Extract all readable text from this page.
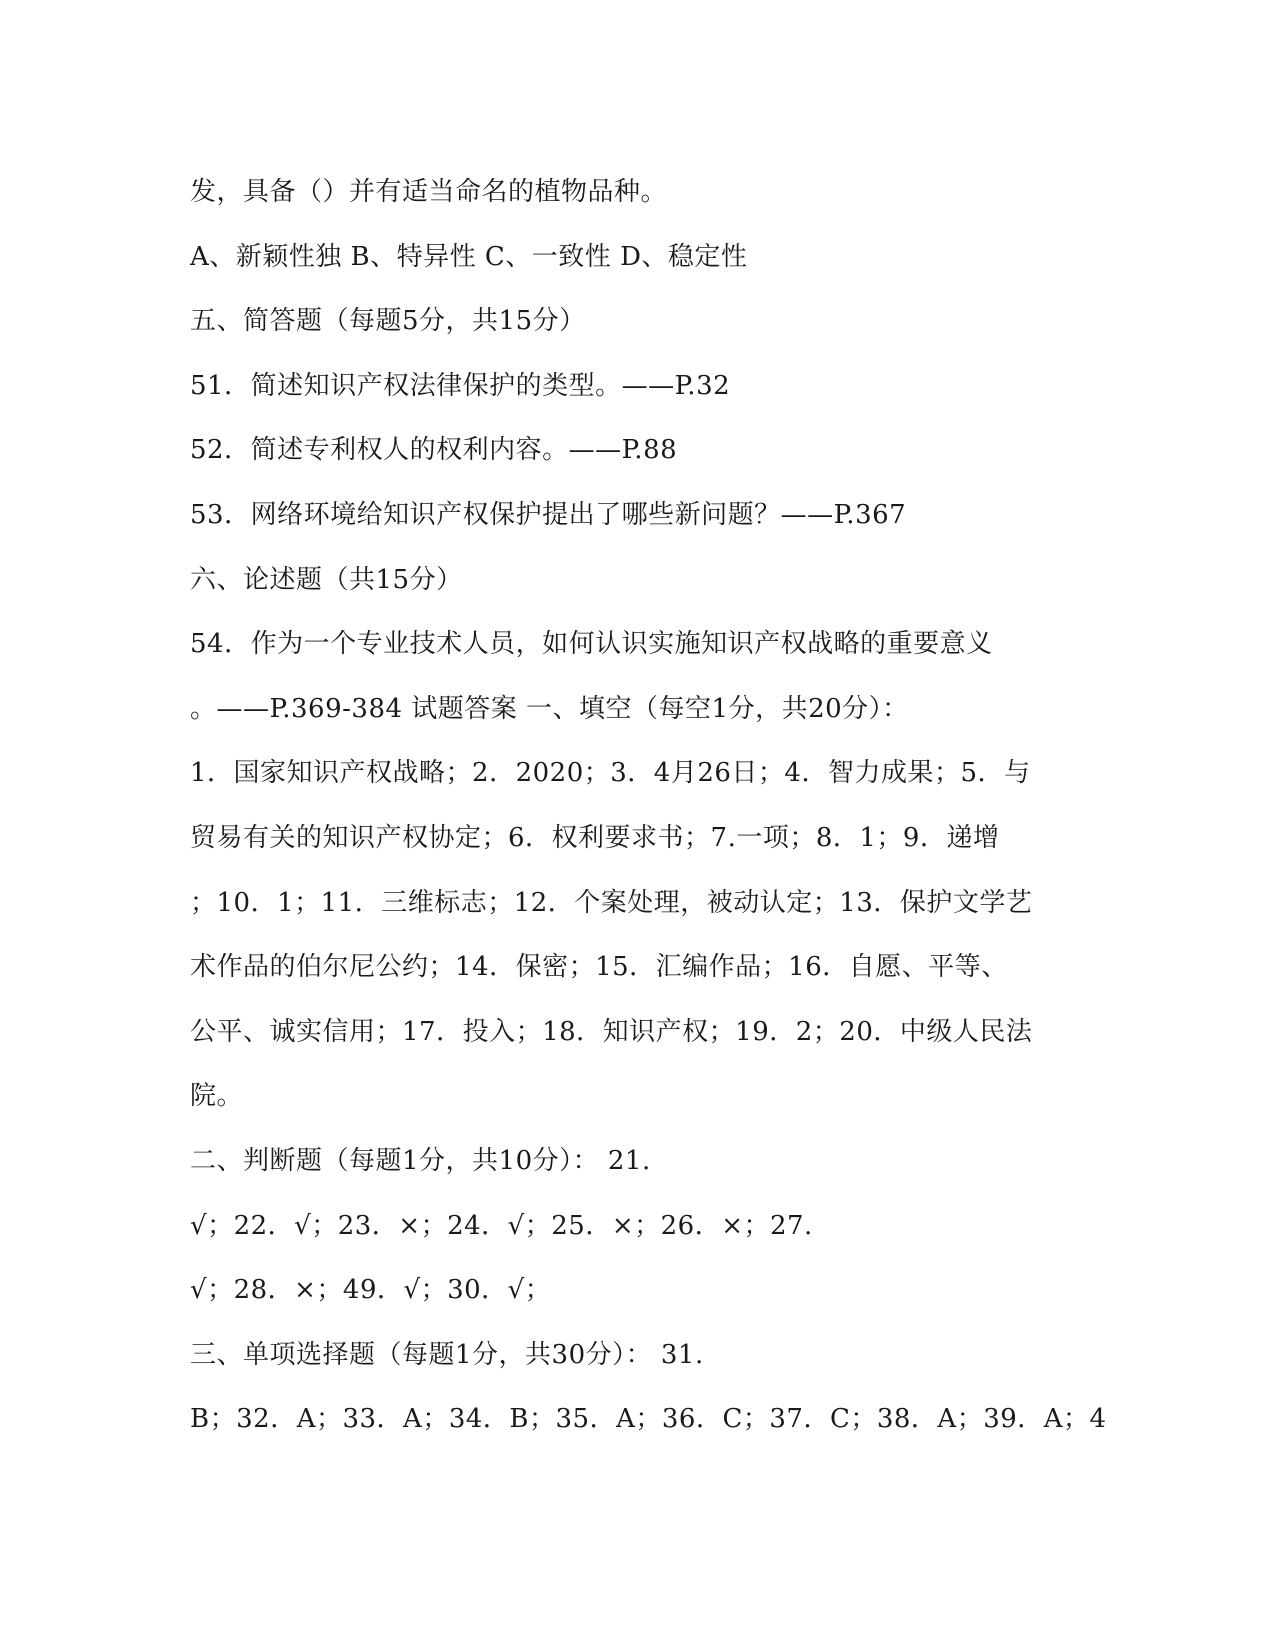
发，具备（）并有适当命名的植物品种。
A、新颖性独 B、特异性 C、一致性 D、稳定性
五、简答题（每题5分，共15分）
51．简述知识产权法律保护的类型。——P.32
52．简述专利权人的权利内容。——P.88
53．网络环境给知识产权保护提出了哪些新问题？——P.367
六、论述题（共15分）
54．作为一个专业技术人员，如何认识实施知识产权战略的重要意义
。——P.369-384 试题答案 一、填空（每空1分，共20分）：
1．国家知识产权战略；2．2020；3．4月26日；4．智力成果；5．与
贸易有关的知识产权协定；6．权利要求书；7.一项；8．1；9．递增
；10．1；11．三维标志；12．个案处理，被动认定；13．保护文学艺
术作品的伯尔尼公约；14．保密；15．汇编作品；16．自愿、平等、
公平、诚实信用；17．投入；18．知识产权；19．2；20．中级人民法
院。
二、判断题（每题1分，共10分）： 21.
√；22．√；23．×；24．√；25．×；26．×；27.
√；28．×；49．√；30．√；
三、单项选择题（每题1分，共30分）： 31.
B；32．A；33．A；34．B；35．A；36．C；37．C；38．A；39．A；4
